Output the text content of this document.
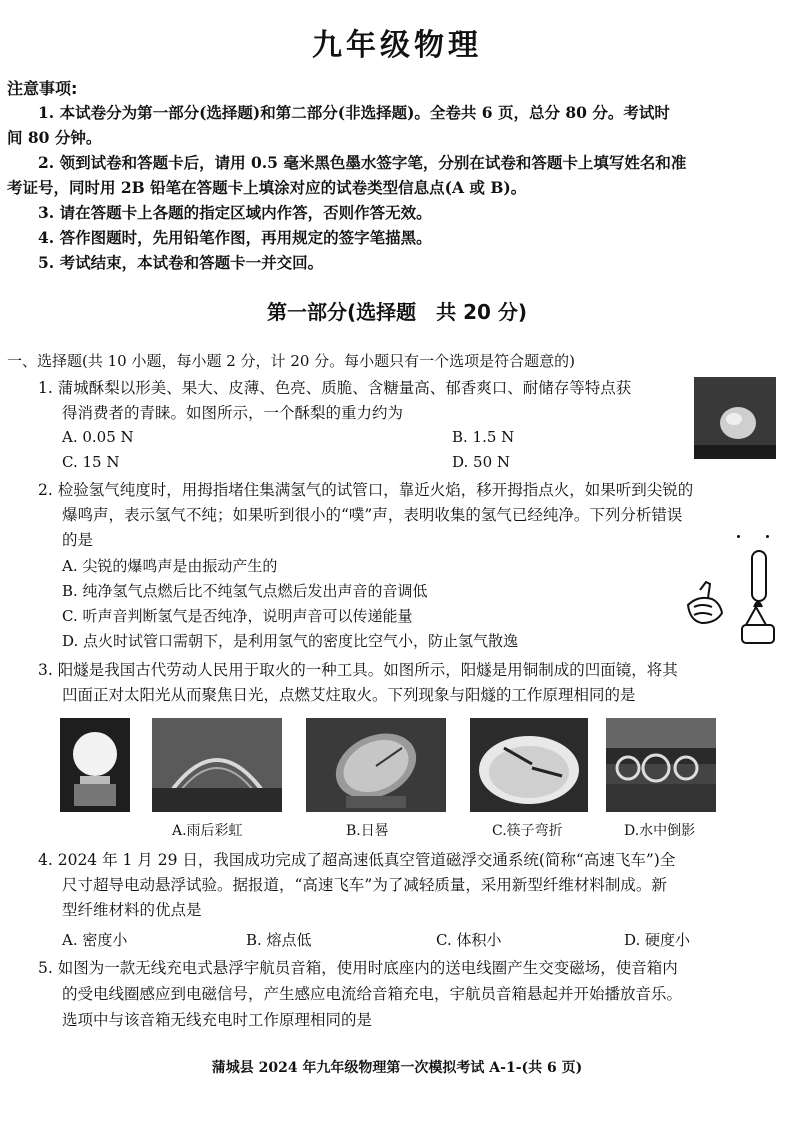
九年级物理
注意事项:
1. 本试卷分为第一部分(选择题)和第二部分(非选择题)。全卷共 6 页，总分 80 分。考试时
间 80 分钟。
2. 领到试卷和答题卡后，请用 0.5 毫米黑色墨水签字笔，分别在试卷和答题卡上填写姓名和准
考证号，同时用 2B 铅笔在答题卡上填涂对应的试卷类型信息点(A 或 B)。
3. 请在答题卡上各题的指定区域内作答，否则作答无效。
4. 答作图题时，先用铅笔作图，再用规定的签字笔描黑。
5. 考试结束，本试卷和答题卡一并交回。
第一部分(选择题　共 20 分)
一、选择题(共 10 小题，每小题 2 分，计 20 分。每小题只有一个选项是符合题意的)
1. 蒲城酥梨以形美、果大、皮薄、色亮、质脆、含糖量高、郁香爽口、耐储存等特点获
得消费者的青睐。如图所示，一个酥梨的重力约为
A. 0.05 N	B. 1.5 N
C. 15 N	D. 50 N
2. 检验氢气纯度时，用拇指堵住集满氢气的试管口，靠近火焰，移开拇指点火，如果听到尖锐的
爆鸣声，表示氢气不纯；如果听到很小的“噗”声，表明收集的氢气已经纯净。下列分析错误
的是
A. 尖锐的爆鸣声是由振动产生的
B. 纯净氢气点燃后比不纯氢气点燃后发出声音的音调低
C. 听声音判断氢气是否纯净，说明声音可以传递能量
D. 点火时试管口需朝下，是利用氢气的密度比空气小，防止氢气散逸
3. 阳燧是我国古代劳动人民用于取火的一种工具。如图所示，阳燧是用铜制成的凹面镜，将其
凹面正对太阳光从而聚焦日光，点燃艾炷取火。下列现象与阳燧的工作原理相同的是
A.雨后彩虹	B.日晷	C.筷子弯折	D.水中倒影
4. 2024 年 1 月 29 日，我国成功完成了超高速低真空管道磁浮交通系统(简称“高速飞车”)全
尺寸超导电动悬浮试验。据报道，“高速飞车”为了减轻质量，采用新型纤维材料制成。新
型纤维材料的优点是
A. 密度小	B. 熔点低	C. 体积小	D. 硬度小
5. 如图为一款无线充电式悬浮宇航员音箱，使用时底座内的送电线圈产生交变磁场，使音箱内
的受电线圈感应到电磁信号，产生感应电流给音箱充电，宇航员音箱悬起并开始播放音乐。
选项中与该音箱无线充电时工作原理相同的是
蒲城县 2024 年九年级物理第一次模拟考试 A-1-(共 6 页)
